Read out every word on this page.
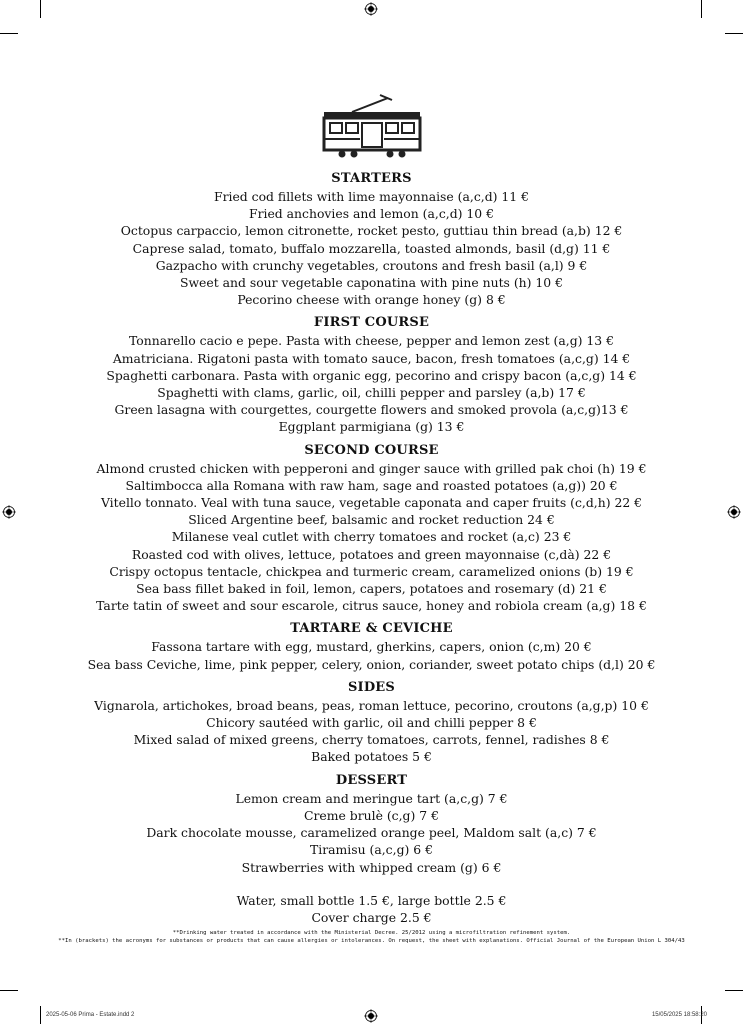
STARTERS
Fried cod fillets with lime mayonnaise (a,c,d) 11 €
Fried anchovies and lemon (a,c,d) 10 €
Octopus carpaccio, lemon citronette, rocket pesto, guttiau thin bread (a,b) 12 €
Caprese salad, tomato, buffalo mozzarella, toasted almonds, basil (d,g) 11 €
Gazpacho with crunchy vegetables, croutons and fresh basil (a,l) 9 €
Sweet and sour vegetable caponatina with pine nuts (h) 10 €
Pecorino cheese with orange honey (g) 8 €
FIRST COURSE
Tonnarello cacio e pepe. Pasta with cheese, pepper and lemon zest (a,g) 13 €
Amatriciana. Rigatoni pasta with tomato sauce, bacon, fresh tomatoes (a,c,g) 14 €
Spaghetti carbonara. Pasta with organic egg, pecorino and crispy bacon (a,c,g) 14 €
Spaghetti with clams, garlic, oil, chilli pepper and parsley (a,b) 17 €
Green lasagna with courgettes, courgette flowers and smoked provola (a,c,g)13 €
Eggplant parmigiana (g) 13 €
SECOND COURSE
Almond crusted chicken with pepperoni and ginger sauce with grilled pak choi (h) 19 €
Saltimbocca alla Romana with raw ham, sage and roasted potatoes (a,g)) 20 €
Vitello tonnato. Veal with tuna sauce, vegetable caponata and caper fruits (c,d,h) 22 €
Sliced Argentine beef, balsamic and rocket reduction 24 €
Milanese veal cutlet with cherry tomatoes and rocket (a,c) 23 €
Roasted cod with olives, lettuce, potatoes and green mayonnaise (c,dà) 22 €
Crispy octopus tentacle, chickpea and turmeric cream, caramelized onions (b) 19 €
Sea bass fillet baked in foil, lemon, capers, potatoes and rosemary (d) 21 €
Tarte tatin of sweet and sour escarole, citrus sauce, honey and robiola cream (a,g) 18 €
TARTARE & CEVICHE
Fassona tartare with egg, mustard, gherkins, capers, onion (c,m) 20 €
Sea bass Ceviche, lime, pink pepper, celery, onion, coriander, sweet potato chips (d,l) 20 €
SIDES
Vignarola, artichokes, broad beans, peas, roman lettuce, pecorino, croutons (a,g,p) 10 €
Chicory sautéed with garlic, oil and chilli pepper 8 €
Mixed salad of mixed greens, cherry tomatoes, carrots, fennel, radishes 8 €
Baked potatoes 5 €
DESSERT
Lemon cream and meringue tart (a,c,g) 7 €
Creme brulè (c,g) 7 €
Dark chocolate mousse, caramelized orange peel, Maldom salt (a,c) 7 €
Tiramisu (a,c,g) 6 €
Strawberries with whipped cream (g) 6 €
Water, small bottle 1.5 €, large bottle 2.5 €
Cover charge 2.5 €
**Drinking water treated in accordance with the Ministerial Decree. 25/2012 using a microfiltration refinement system.
**In (brackets) the acronyms for substances or products that can cause allergies or intolerances. On request, the sheet with explanations. Official Journal of the European Union L 304/43
2025-05-06 Prima - Estate.indd 2	15/05/2025 18:58:20
